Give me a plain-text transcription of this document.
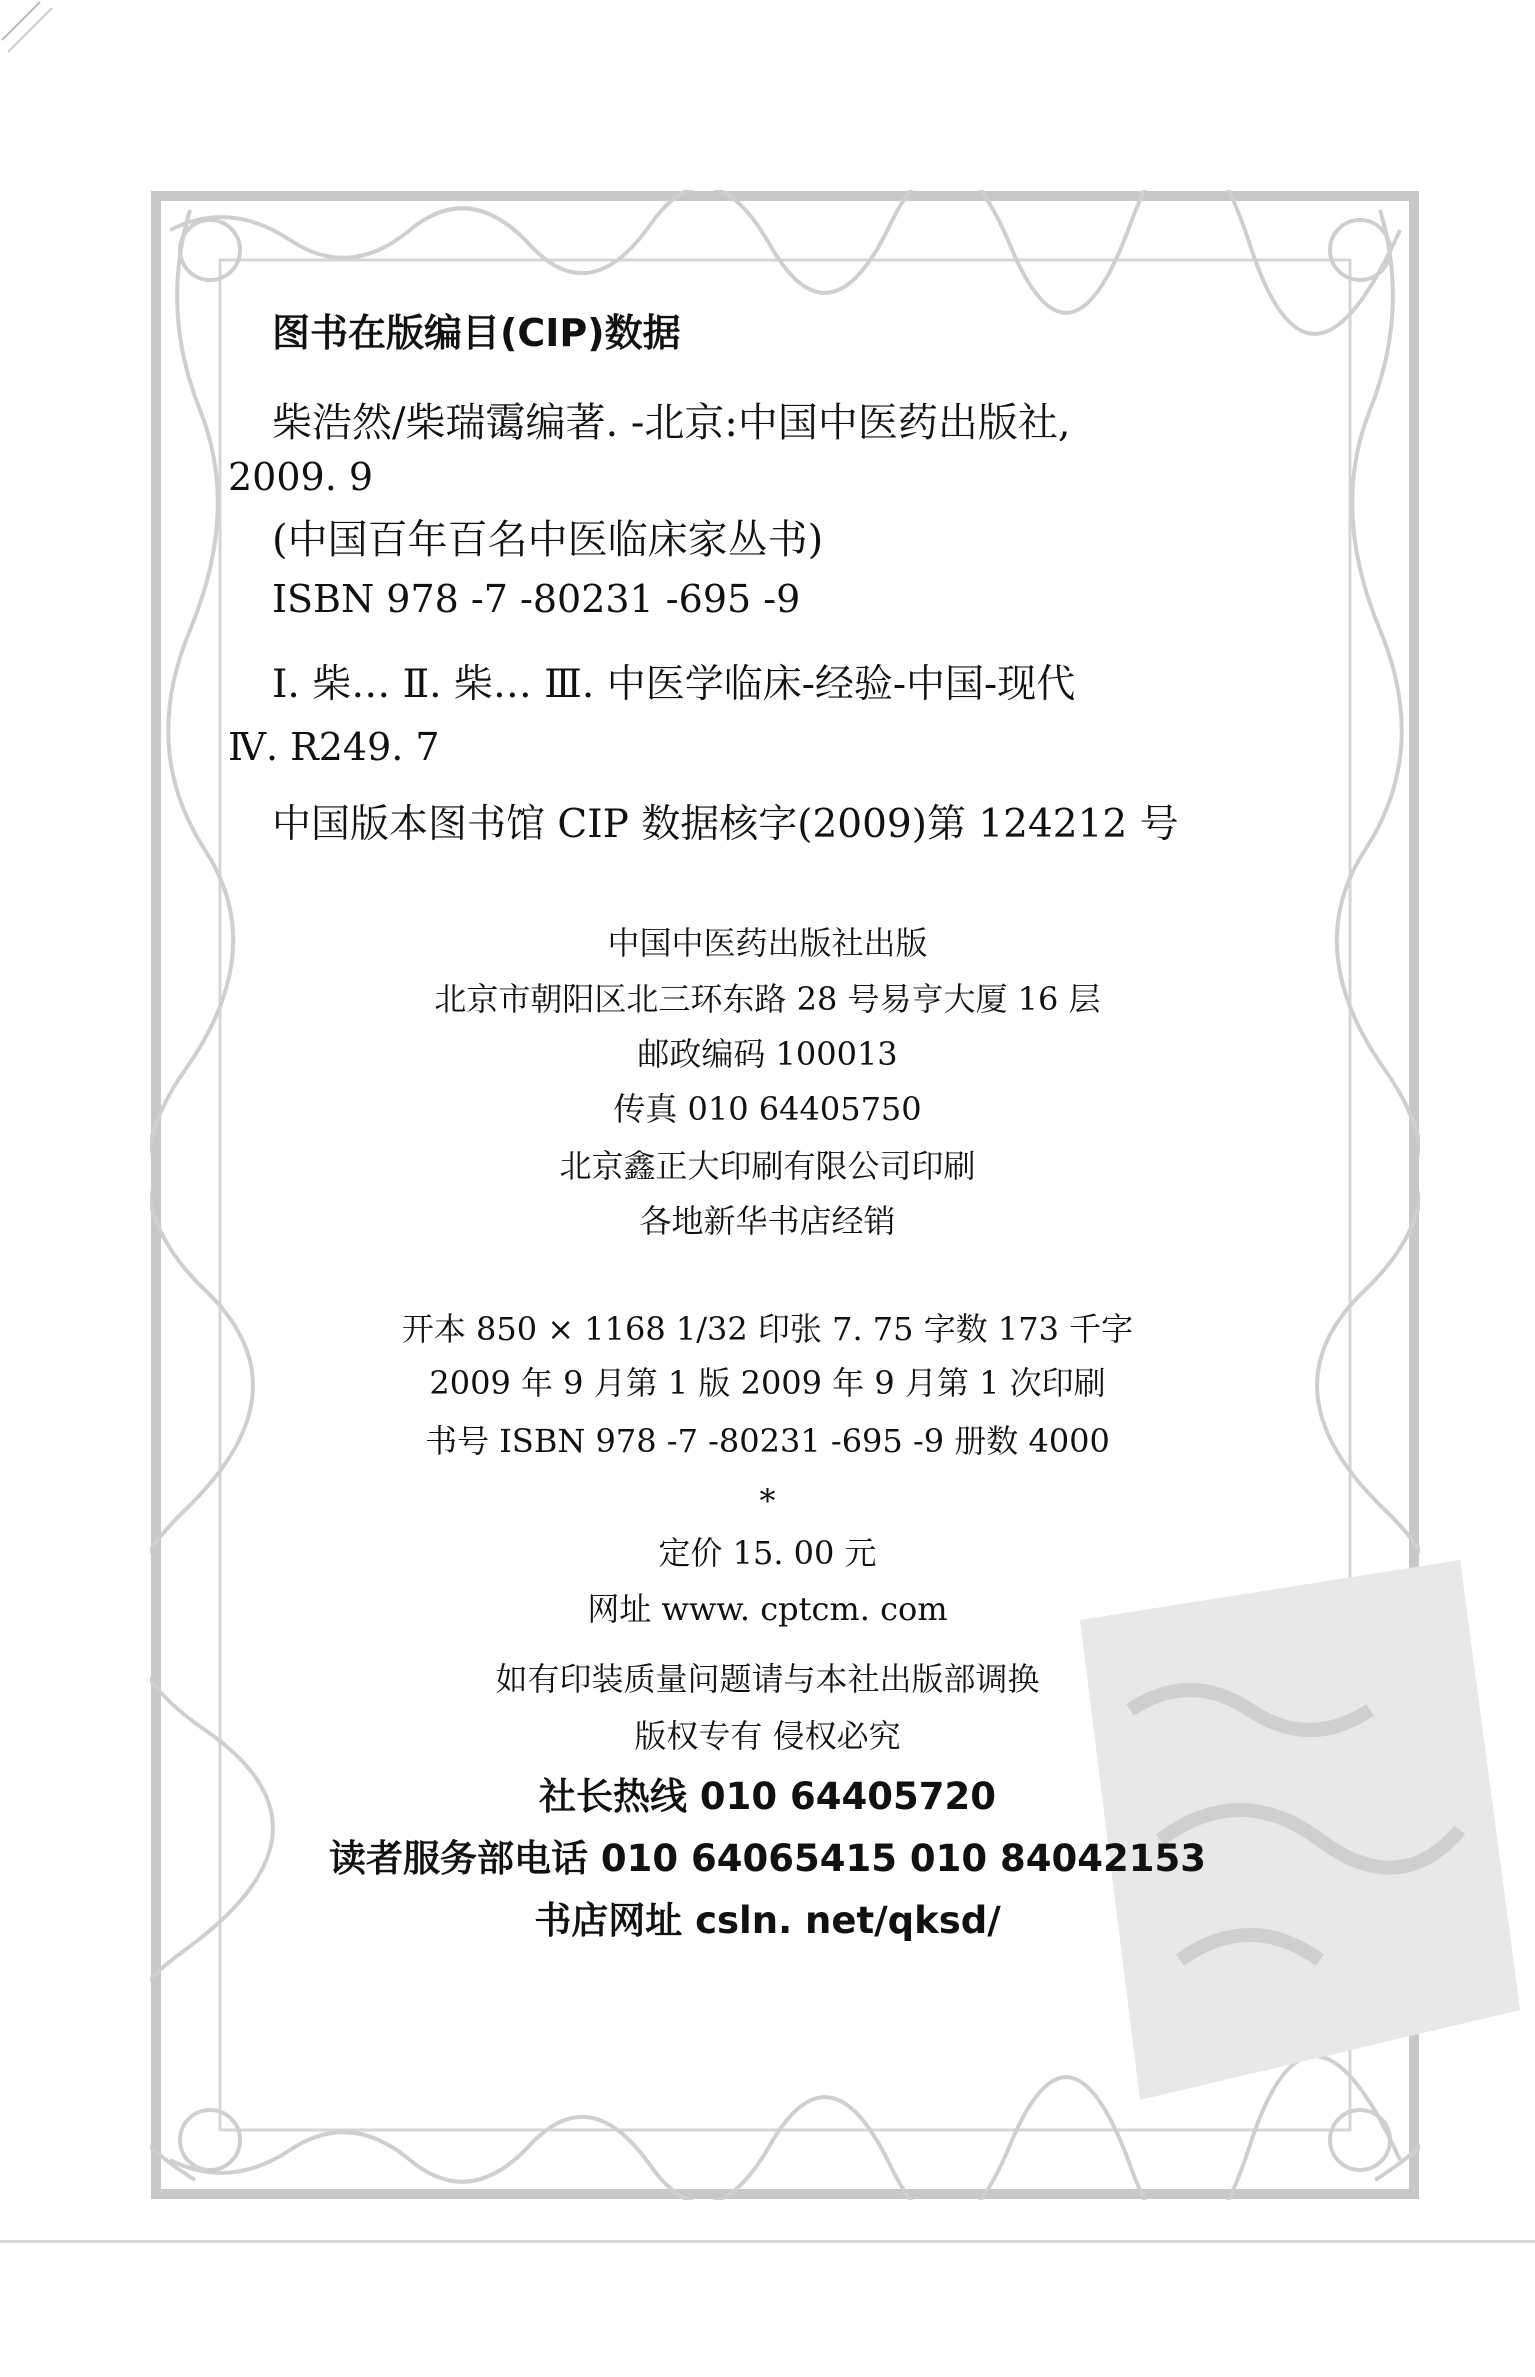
图书在版编目(CIP)数据
柴浩然/柴瑞霭编著. -北京:中国中医药出版社,
2009. 9
(中国百年百名中医临床家丛书)
ISBN 978 -7 -80231 -695 -9
Ⅰ. 柴… Ⅱ. 柴… Ⅲ. 中医学临床-经验-中国-现代
Ⅳ. R249. 7
中国版本图书馆 CIP 数据核字(2009)第 124212 号
中国中医药出版社出版
北京市朝阳区北三环东路 28 号易亨大厦 16 层
邮政编码 100013
传真 010 64405750
北京鑫正大印刷有限公司印刷
各地新华书店经销
开本 850 × 1168 1/32 印张 7. 75 字数 173 千字
2009 年 9 月第 1 版 2009 年 9 月第 1 次印刷
书号 ISBN 978 -7 -80231 -695 -9 册数 4000
*
定价 15. 00 元
网址 www. cptcm. com
如有印装质量问题请与本社出版部调换
版权专有 侵权必究
社长热线 010 64405720
读者服务部电话 010 64065415 010 84042153
书店网址 csln. net/qksd/
